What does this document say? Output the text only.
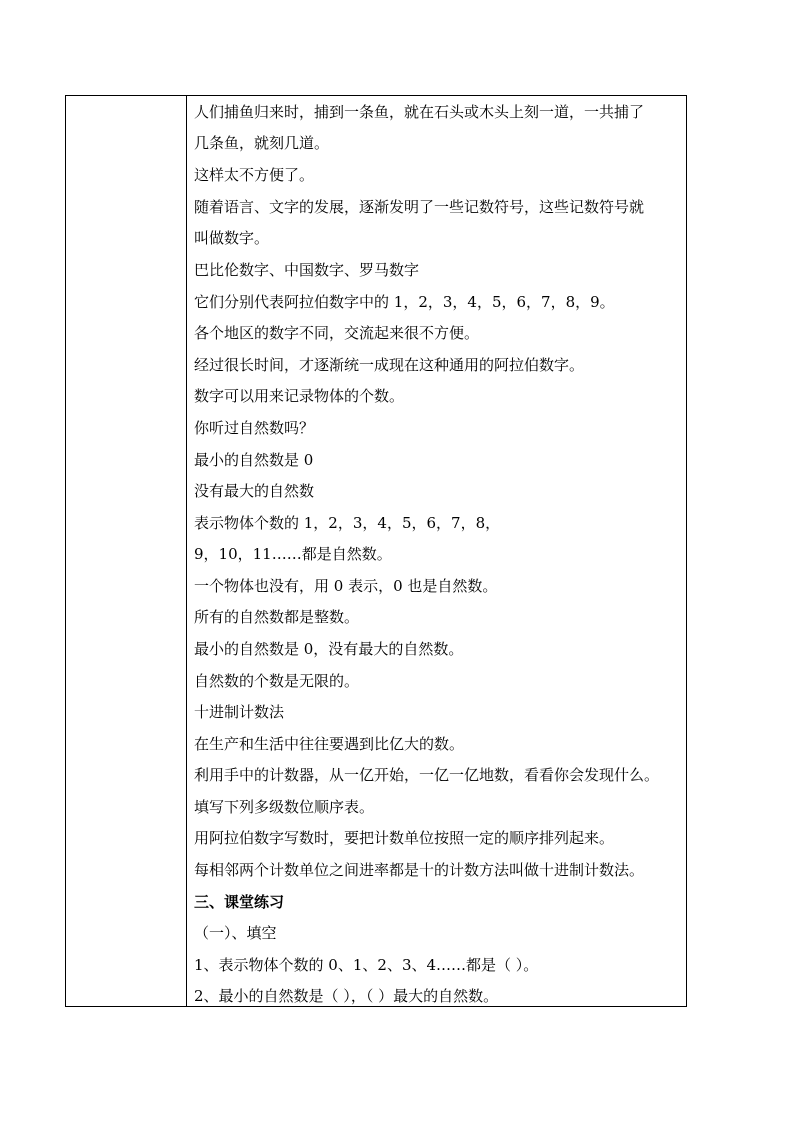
人们捕鱼归来时，捕到一条鱼，就在石头或木头上刻一道，一共捕了
几条鱼，就刻几道。
这样太不方便了。
随着语言、文字的发展，逐渐发明了一些记数符号，这些记数符号就
叫做数字。
巴比伦数字、中国数字、罗马数字
它们分别代表阿拉伯数字中的 1，2，3，4，5，6，7，8，9。
各个地区的数字不同，交流起来很不方便。
经过很长时间，才逐渐统一成现在这种通用的阿拉伯数字。
数字可以用来记录物体的个数。
你听过自然数吗？
最小的自然数是 0
没有最大的自然数
表示物体个数的 1，2，3，4，5，6，7，8，
9，10，11……都是自然数。
一个物体也没有，用 0 表示，0 也是自然数。
所有的自然数都是整数。
最小的自然数是 0，没有最大的自然数。
自然数的个数是无限的。
十进制计数法
在生产和生活中往往要遇到比亿大的数。
利用手中的计数器，从一亿开始，一亿一亿地数，看看你会发现什么。
填写下列多级数位顺序表。
用阿拉伯数字写数时，要把计数单位按照一定的顺序排列起来。
每相邻两个计数单位之间进率都是十的计数方法叫做十进制计数法。
三、课堂练习
（一）、填空
1、表示物体个数的 0、1、2、3、4……都是（ ）。
2、最小的自然数是（ ），（ ）最大的自然数。
